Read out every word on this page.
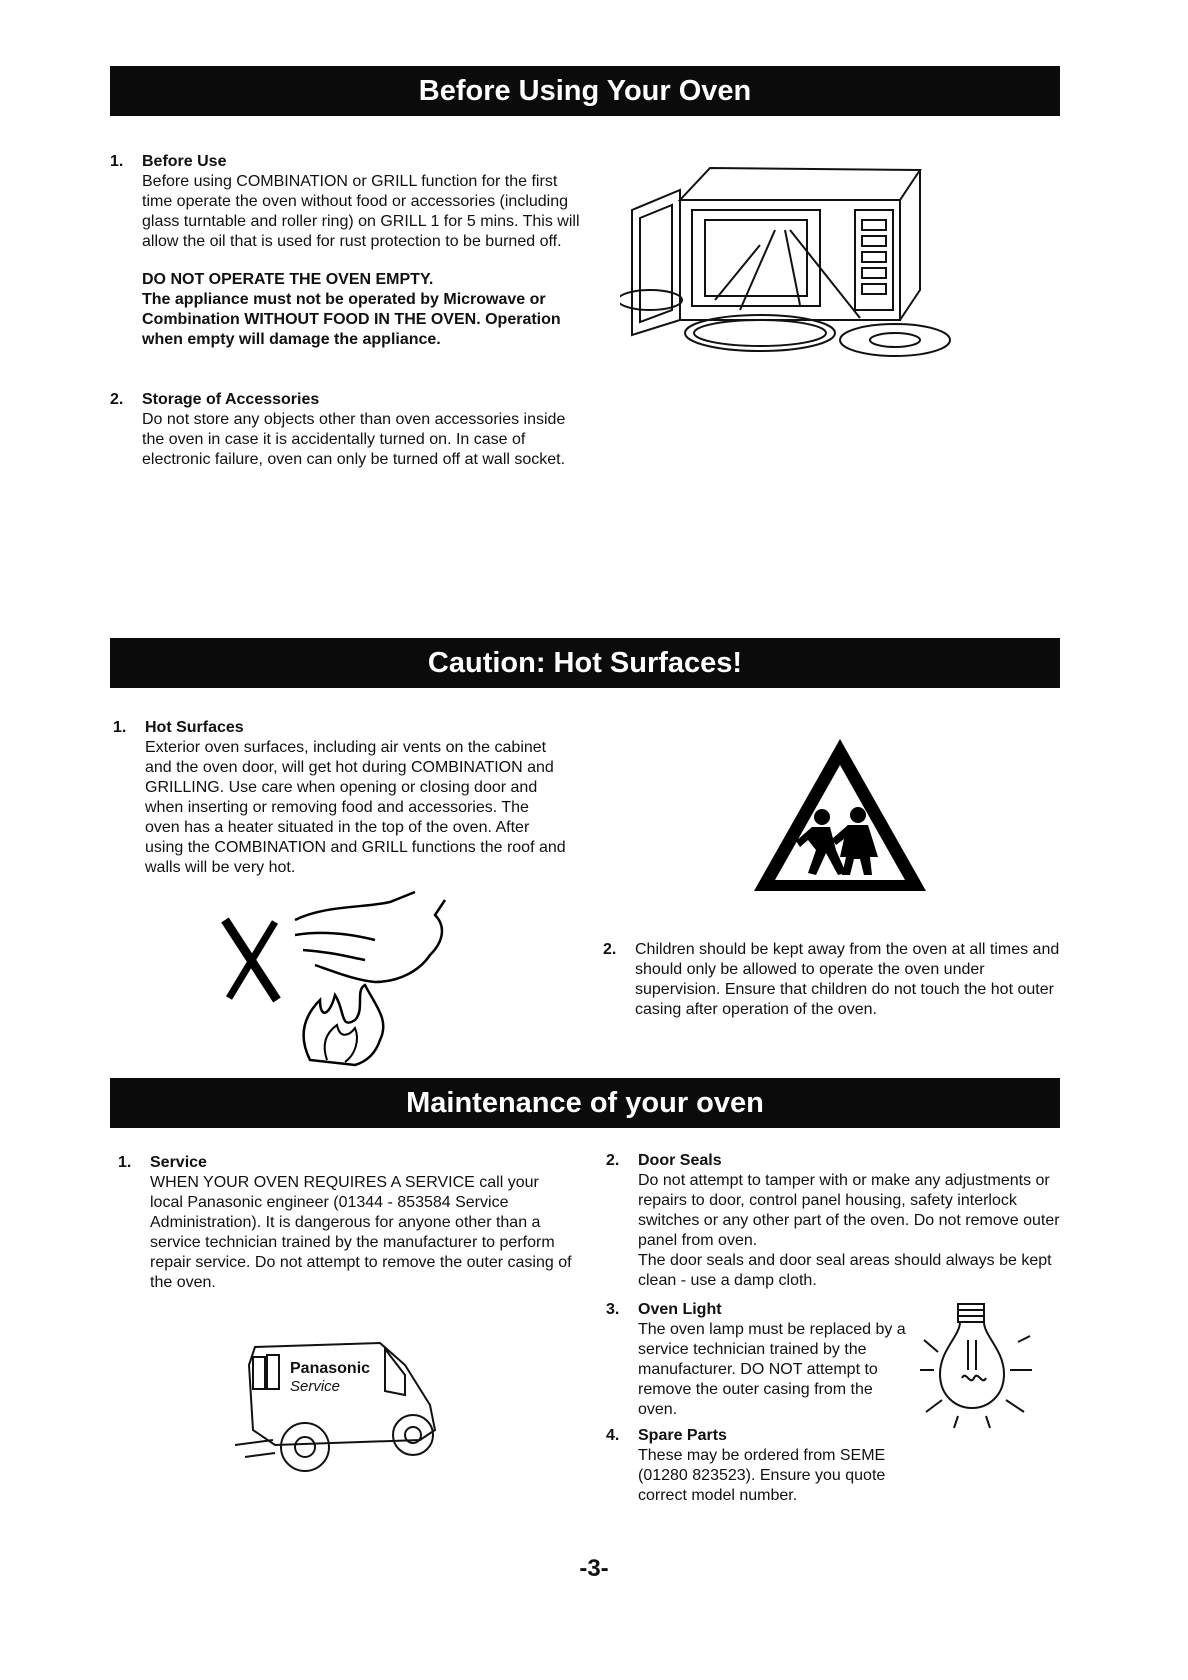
Before Using Your Oven
1. Before Use

Before using COMBINATION or GRILL function for the first time operate the oven without food or accessories (including glass turntable and roller ring) on GRILL 1 for 5 mins. This will allow the oil that is used for rust protection to be burned off.

DO NOT OPERATE THE OVEN EMPTY.

The appliance must not be operated by Microwave or Combination WITHOUT FOOD IN THE OVEN. Operation when empty will damage the appliance.

2. Storage of Accessories

Do not store any objects other than oven accessories inside the oven in case it is accidentally turned on. In case of electronic failure, oven can only be turned off at wall socket.

Caution: Hot Surfaces!
1. Hot Surfaces

Exterior oven surfaces, including air vents on the cabinet and the oven door, will get hot during COMBINATION and GRILLING. Use care when opening or closing door and when inserting or removing food and accessories. The oven has a heater situated in the top of the oven. After using the COMBINATION and GRILL functions the roof and walls will be very hot.

2. Children should be kept away from the oven at all times and should only be allowed to operate the oven under supervision. Ensure that children do not touch the hot outer casing after operation of the oven.

Maintenance of your oven
1. Service

WHEN YOUR OVEN REQUIRES A SERVICE call your local Panasonic engineer (01344 - 853584 Service Administration). It is dangerous for anyone other than a service technician trained by the manufacturer to perform repair service. Do not attempt to remove the outer casing of the oven.

Panasonic
Service
2. Door Seals

Do not attempt to tamper with or make any adjustments or repairs to door, control panel housing, safety interlock switches or any other part of the oven. Do not remove outer panel from oven.

The door seals and door seal areas should always be kept clean - use a damp cloth.

3. Oven Light

The oven lamp must be replaced by a service technician trained by the manufacturer. DO NOT attempt to remove the outer casing from the oven.

4. Spare Parts

These may be ordered from SEME (01280 823523). Ensure you quote correct model number.

-3-
